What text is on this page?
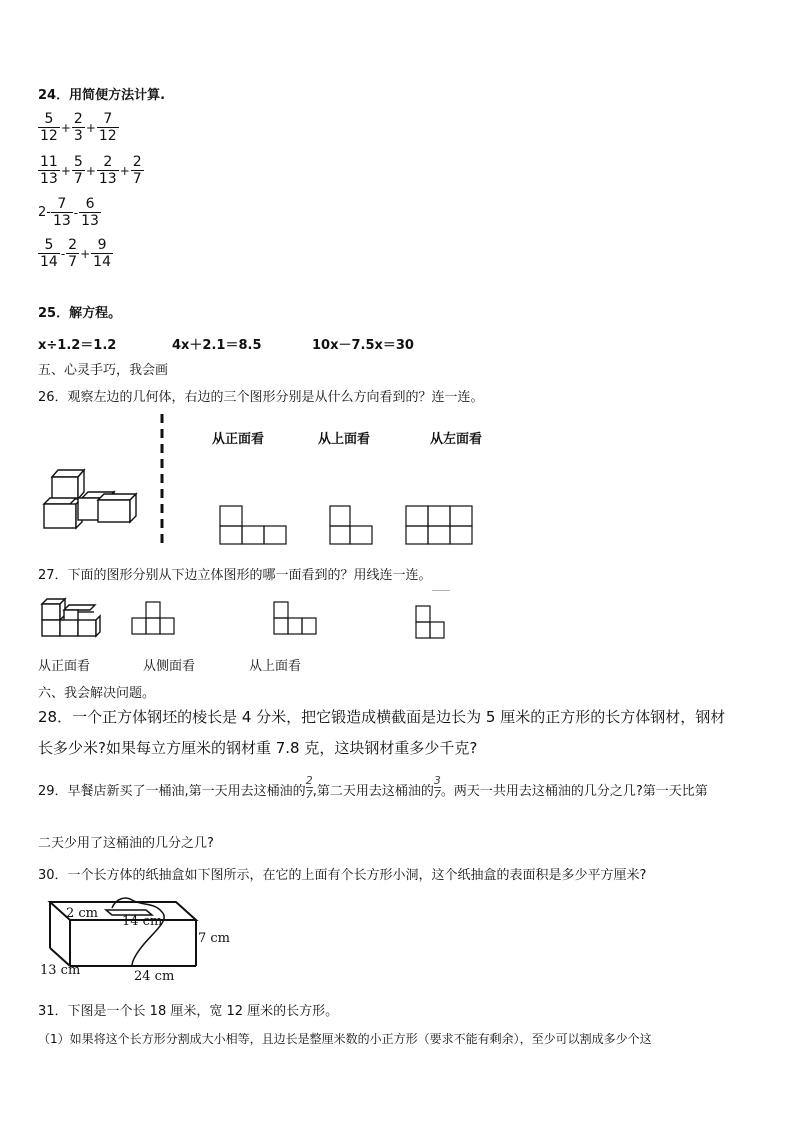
24．用简便方法计算.
$\frac{5}{12} + \frac{2}{3} + \frac{7}{12}$
$\frac{11}{13} + \frac{5}{7} + \frac{2}{13} + \frac{2}{7}$
$2- \frac{7}{13} - \frac{6}{13}$
$\frac{5}{14} - \frac{2}{7} + \frac{9}{14}$
25．解方程。
x÷1.2＝1.2	4x＋2.1＝8.5	10x－7.5x＝30
五、心灵手巧，我会画
26．观察左边的几何体，右边的三个图形分别是从什么方向看到的？连一连。
从正面看	从上面看	从左面看
27．下面的图形分别从下边立体图形的哪一面看到的？用线连一连。
从正面看	从侧面看	从上面看
六、我会解决问题。
28．一个正方体钢坯的棱长是 4 分米，把它锻造成横截面是边长为 5 厘米的正方形的长方体钢材，钢材
长多少米?如果每立方厘米的钢材重 7.8 克，这块钢材重多少千克?
29．早餐店新买了一桶油,第一天用去这桶油的
2
7 ,第二天用去这桶油的
3
7 。两天一共用去这桶油的几分之几?第一天比第
二天少用了这桶油的几分之几?
30．一个长方体的纸抽盒如下图所示，在它的上面有个长方形小洞，这个纸抽盒的表面积是多少平方厘米?
2 cm
14 cm
7 cm
13 cm	24 cm
31．下图是一个长 18 厘米，宽 12 厘米的长方形。
（1）如果将这个长方形分割成大小相等，且边长是整厘米数的小正方形（要求不能有剩余），至少可以割成多少个这
